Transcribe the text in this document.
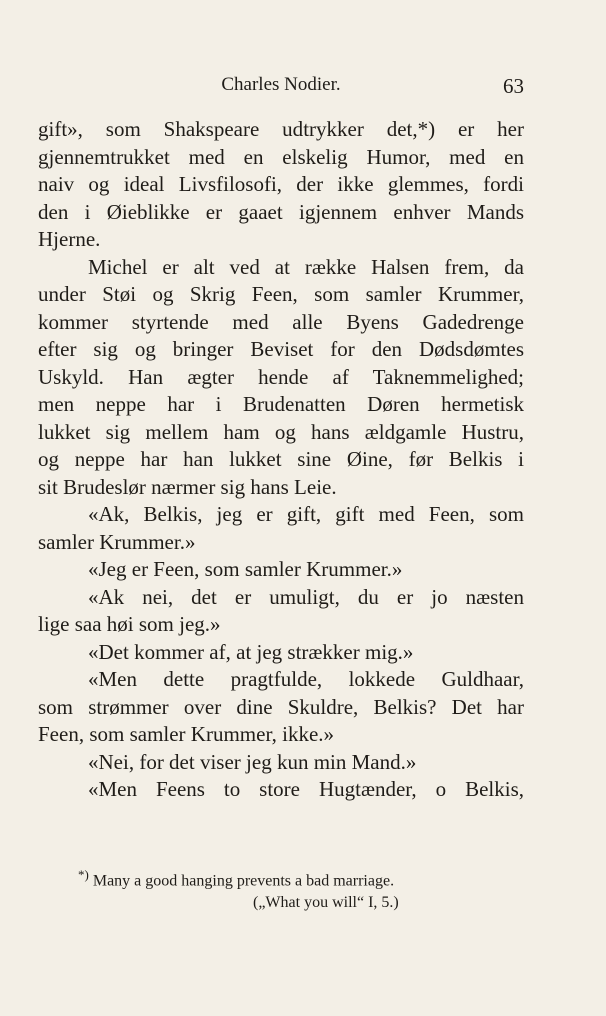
Charles Nodier.	63
gift», som Shakspeare udtrykker det,*) er her
gjennemtrukket med en elskelig Humor, med en
naiv og ideal Livsfilosofi, der ikke glemmes, fordi
den i Øieblikke er gaaet igjennem enhver Mands
Hjerne.
Michel er alt ved at række Halsen frem, da
under Støi og Skrig Feen, som samler Krummer,
kommer styrtende med alle Byens Gadedrenge
efter sig og bringer Beviset for den Dødsdømtes
Uskyld. Han ægter hende af Taknemmelighed;
men neppe har i Brudenatten Døren hermetisk
lukket sig mellem ham og hans ældgamle Hustru,
og neppe har han lukket sine Øine, før Belkis i
sit Brudeslør nærmer sig hans Leie.
«Ak, Belkis, jeg er gift, gift med Feen, som
samler Krummer.»
«Jeg er Feen, som samler Krummer.»
«Ak nei, det er umuligt, du er jo næsten
lige saa høi som jeg.»
«Det kommer af, at jeg strækker mig.»
«Men dette pragtfulde, lokkede Guldhaar,
som strømmer over dine Skuldre, Belkis? Det har
Feen, som samler Krummer, ikke.»
«Nei, for det viser jeg kun min Mand.»
«Men Feens to store Hugtænder, o Belkis,
*) Many a good hanging prevents a bad marriage.
(„What you will“ I, 5.)
